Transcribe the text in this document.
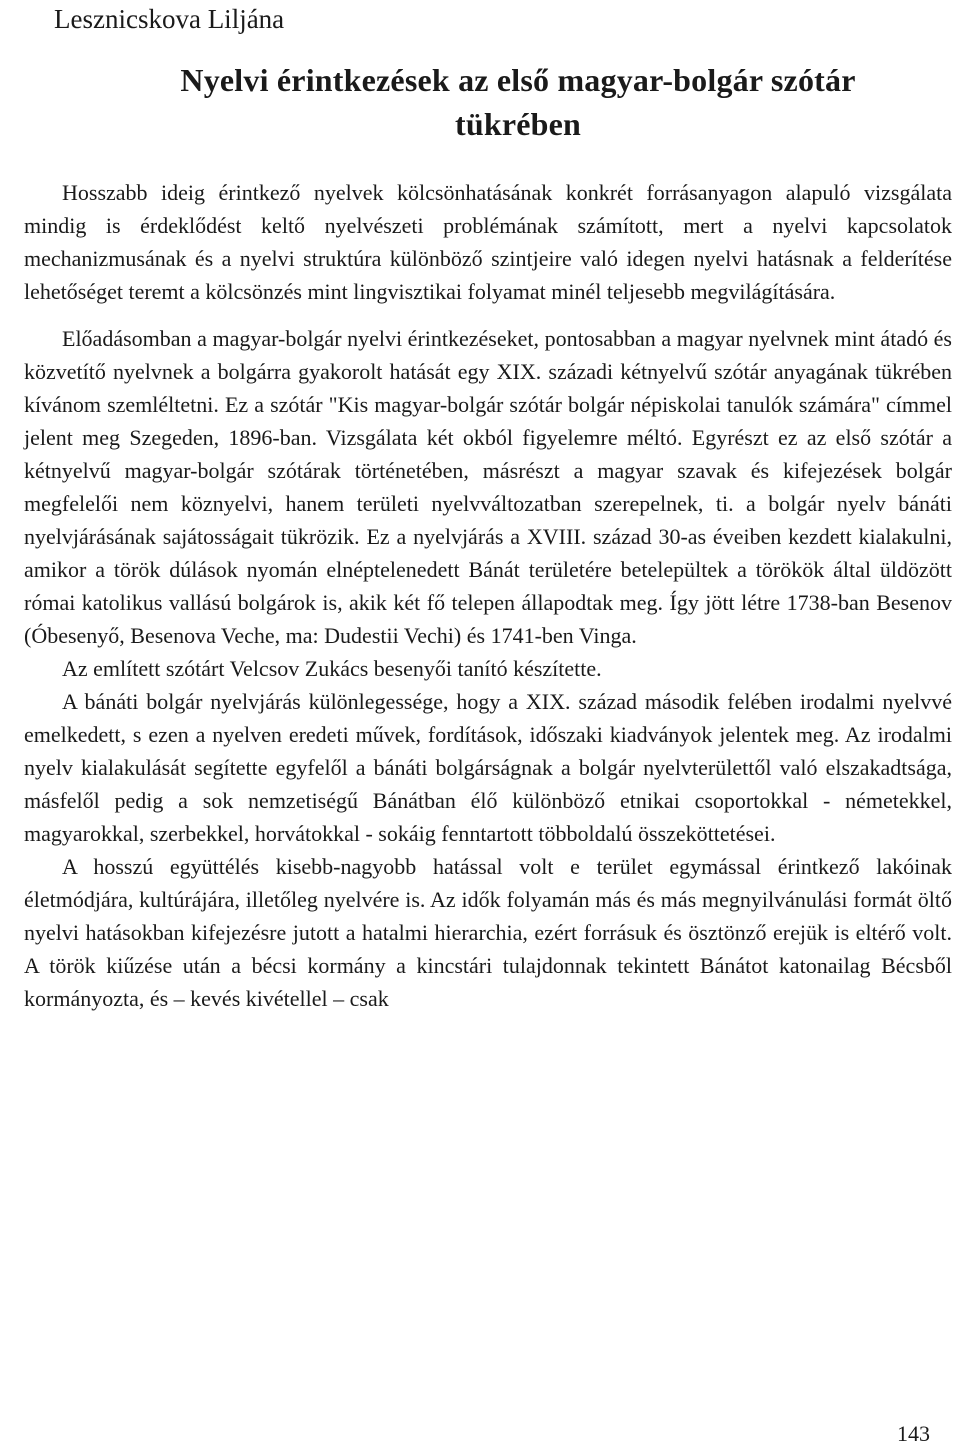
Lesznicskova Liljána
Nyelvi érintkezések az első magyar-bolgár szótár
tükrében

Hosszabb ideig érintkező nyelvek kölcsönhatásának konkrét forrásanyagon alapuló vizsgálata mindig is érdeklődést keltő nyelvészeti problémának számított, mert a nyelvi kapcsolatok mechanizmusának és a nyelvi struktúra különböző szintjeire való idegen nyelvi hatásnak a felderítése lehetőséget teremt a kölcsönzés mint lingvisztikai folyamat minél teljesebb megvilágítására.

Előadásomban a magyar-bolgár nyelvi érintkezéseket, pontosabban a magyar nyelvnek mint átadó és közvetítő nyelvnek a bolgárra gyakorolt hatását egy XIX. századi kétnyelvű szótár anyagának tükrében kívánom szemléltetni. Ez a szótár "Kis magyar-bolgár szótár bolgár népiskolai tanulók számára" címmel jelent meg Szegeden, 1896-ban. Vizsgálata két okból figyelemre méltó. Egyrészt ez az első szótár a kétnyelvű magyar-bolgár szótárak történetében, másrészt a magyar szavak és kifejezések bolgár megfelelői nem köznyelvi, hanem területi nyelvváltozatban szerepelnek, ti. a bolgár nyelv bánáti nyelvjárásának sajátosságait tükrözik. Ez a nyelvjárás a XVIII. század 30-as éveiben kezdett kialakulni, amikor a török dúlások nyomán elnéptelenedett Bánát területére betelepültek a törökök által üldözött római katolikus vallású bolgárok is, akik két fő telepen állapodtak meg. Így jött létre 1738-ban Besenov (Óbesenyő, Besenova Veche, ma: Dudestii Vechi) és 1741-ben Vinga.

Az említett szótárt Velcsov Zukács besenyői tanító készítette.

A bánáti bolgár nyelvjárás különlegessége, hogy a XIX. század második felében irodalmi nyelvvé emelkedett, s ezen a nyelven eredeti művek, fordítások, időszaki kiadványok jelentek meg. Az irodalmi nyelv kialakulását segítette egyfelől a bánáti bolgárságnak a bolgár nyelvterülettől való elszakadtsága, másfelől pedig a sok nemzetiségű Bánátban élő különböző etnikai csoportokkal - németekkel, magyarokkal, szerbekkel, horvátokkal - sokáig fenntartott többoldalú összeköttetései.

A hosszú együttélés kisebb-nagyobb hatással volt e terület egymással érintkező lakóinak életmódjára, kultúrájára, illetőleg nyelvére is. Az idők folyamán más és más megnyilvánulási formát öltő nyelvi hatásokban kifejezésre jutott a hatalmi hierarchia, ezért forrásuk és ösztönző erejük is eltérő volt. A török kiűzése után a bécsi kormány a kincstári tulajdonnak tekintett Bánátot katonailag Bécsből kormányozta, és – kevés kivétellel – csak

143
